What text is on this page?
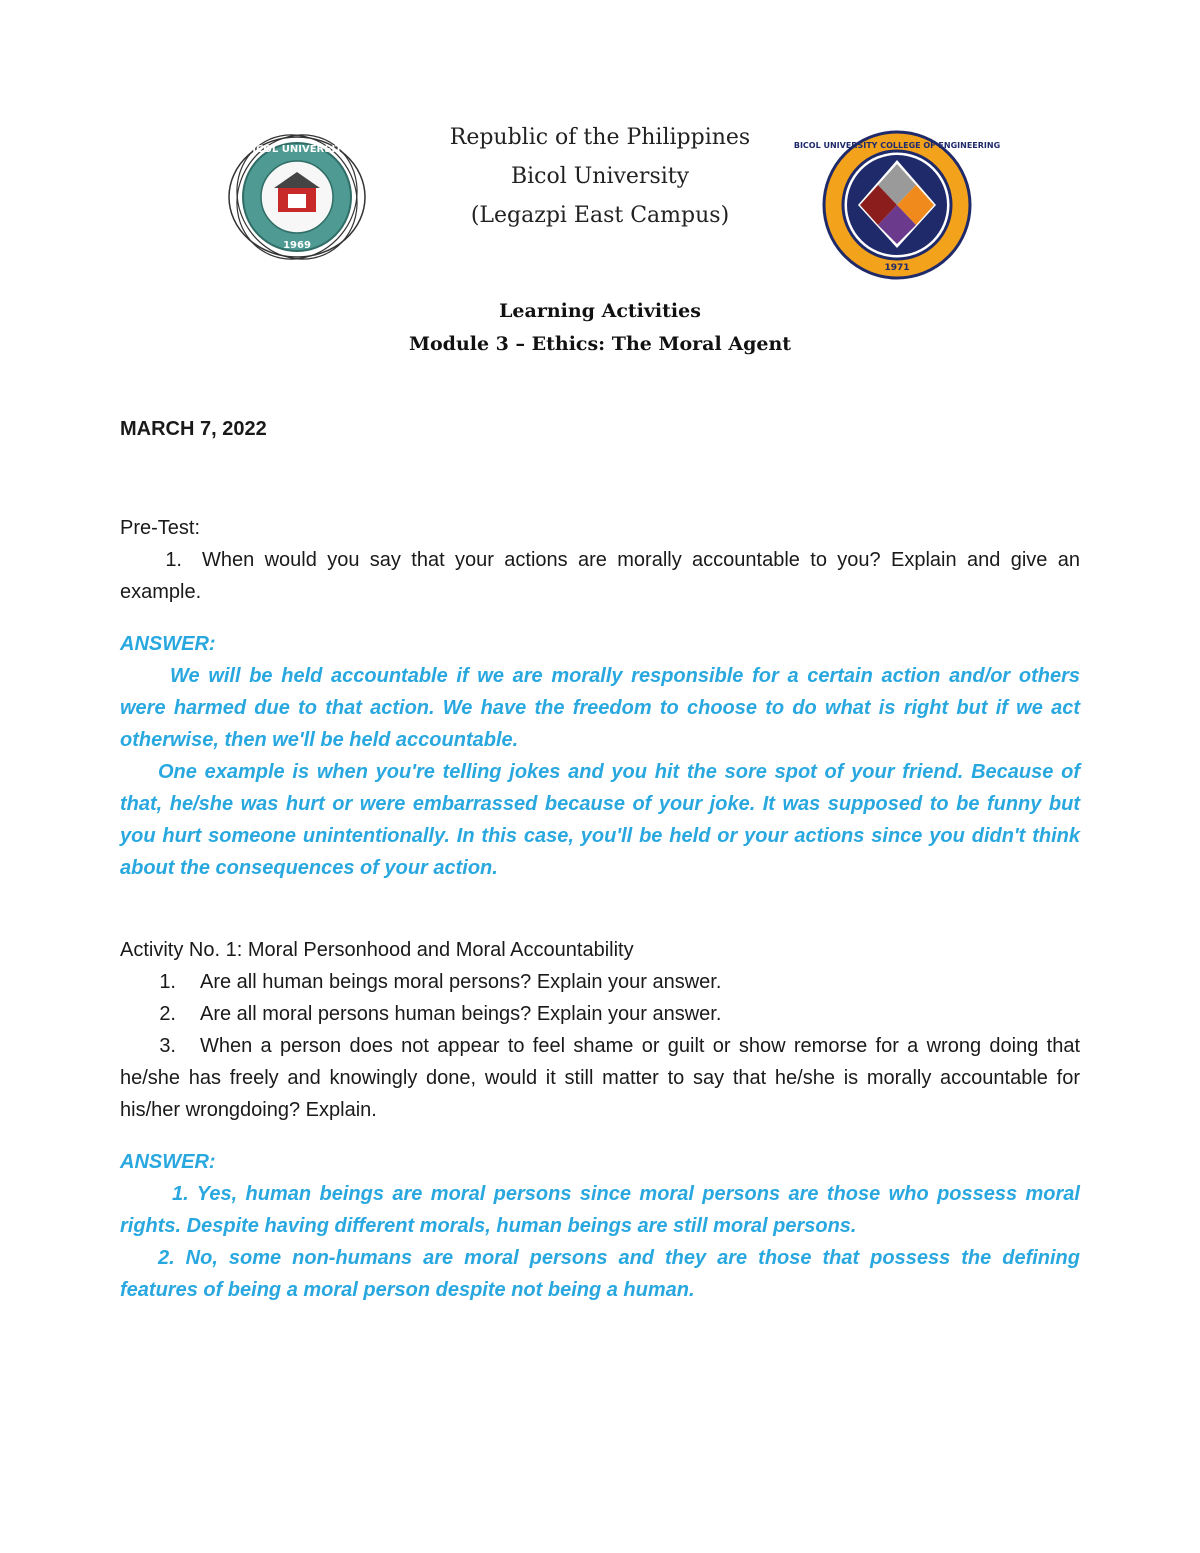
BICOL UNIVERSITY
1969
Republic of the Philippines
Bicol University
(Legazpi East Campus)
BICOL UNIVERSITY COLLEGE OF ENGINEERING
1971
Learning Activities
Module 3 – Ethics: The Moral Agent
MARCH 7, 2022
Pre-Test:
1. When would you say that your actions are morally accountable to you? Explain and give an example.
ANSWER:
We will be held accountable if we are morally responsible for a certain action and/or others were harmed due to that action. We have the freedom to choose to do what is right but if we act otherwise, then we'll be held accountable.
One example is when you're telling jokes and you hit the sore spot of your friend. Because of that, he/she was hurt or were embarrassed because of your joke. It was supposed to be funny but you hurt someone unintentionally. In this case, you'll be held or your actions since you didn't think about the consequences of your action.
Activity No. 1: Moral Personhood and Moral Accountability
1.	Are all human beings moral persons? Explain your answer.
2.	Are all moral persons human beings? Explain your answer.
3. When a person does not appear to feel shame or guilt or show remorse for a wrong doing that he/she has freely and knowingly done, would it still matter to say that he/she is morally accountable for his/her wrongdoing? Explain.
ANSWER:
1. Yes, human beings are moral persons since moral persons are those who possess moral rights. Despite having different morals, human beings are still moral persons.
2. No, some non-humans are moral persons and they are those that possess the defining features of being a moral person despite not being a human.
